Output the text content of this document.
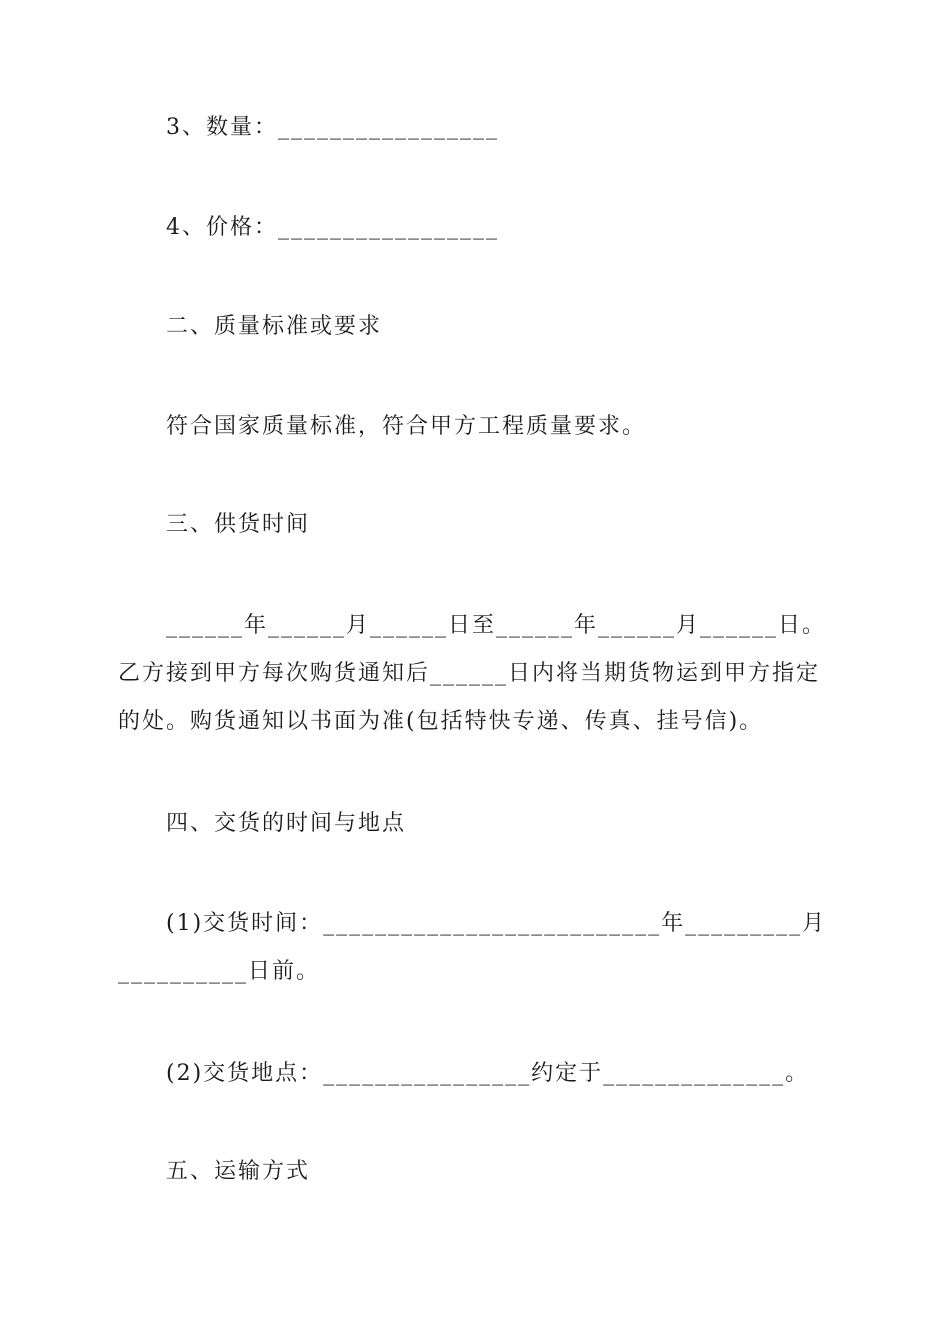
3、数量：_________________

4、价格：_________________

二、质量标准或要求

符合国家质量标准，符合甲方工程质量要求。

三、供货时间

______年______月______日至______年______月______日。乙方接到甲方每次购货通知后______日内将当期货物运到甲方指定的处。购货通知以书面为准(包括特快专递、传真、挂号信)。

四、交货的时间与地点

(1)交货时间：__________________________年_________月__________日前。

(2)交货地点：________________约定于______________。

五、运输方式
